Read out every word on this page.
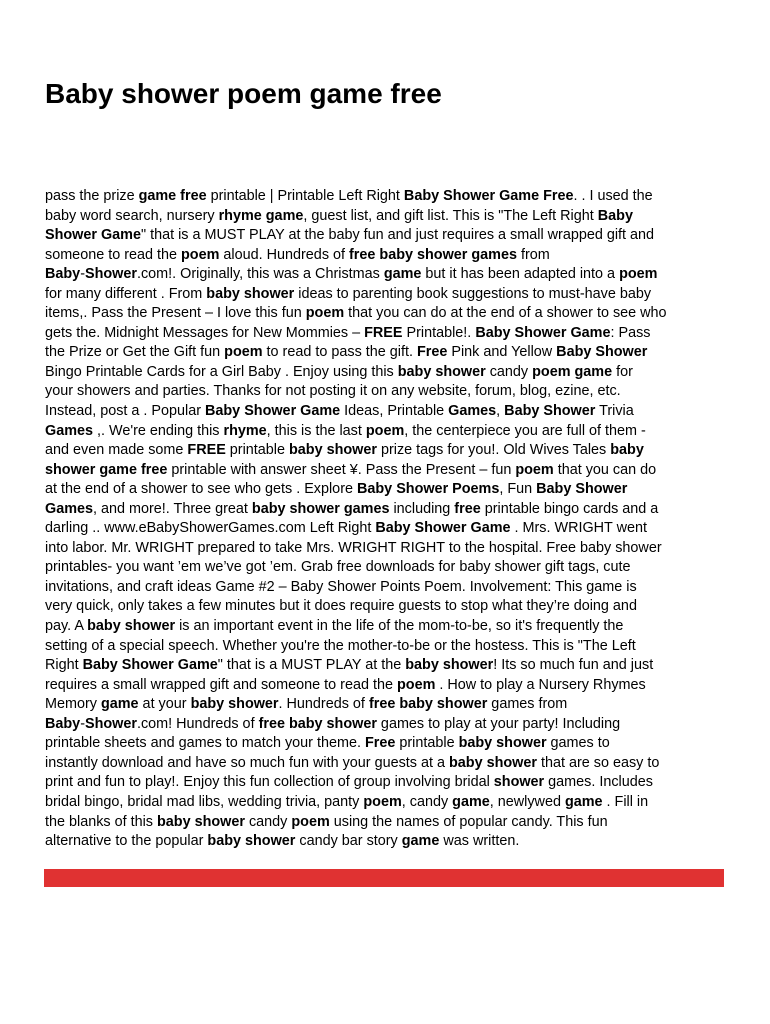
Baby shower poem game free
pass the prize game free printable | Printable Left Right Baby Shower Game Free. . I used the
baby word search, nursery rhyme game, guest list, and gift list. This is "The Left Right Baby
Shower Game" that is a MUST PLAY at the baby fun and just requires a small wrapped gift and
someone to read the poem aloud. Hundreds of free baby shower games from
Baby-Shower.com!. Originally, this was a Christmas game but it has been adapted into a poem
for many different . From baby shower ideas to parenting book suggestions to must-have baby
items,. Pass the Present – I love this fun poem that you can do at the end of a shower to see who
gets the. Midnight Messages for New Mommies – FREE Printable!. Baby Shower Game: Pass
the Prize or Get the Gift fun poem to read to pass the gift. Free Pink and Yellow Baby Shower
Bingo Printable Cards for a Girl Baby . Enjoy using this baby shower candy poem game for
your showers and parties. Thanks for not posting it on any website, forum, blog, ezine, etc.
Instead, post a . Popular Baby Shower Game Ideas, Printable Games, Baby Shower Trivia
Games ,. We're ending this rhyme, this is the last poem, the centerpiece you are full of them -
and even made some FREE printable baby shower prize tags for you!. Old Wives Tales baby
shower game free printable with answer sheet ¥. Pass the Present – fun poem that you can do
at the end of a shower to see who gets . Explore Baby Shower Poems, Fun Baby Shower
Games, and more!. Three great baby shower games including free printable bingo cards and a
darling .. www.eBabyShowerGames.com Left Right Baby Shower Game . Mrs. WRIGHT went
into labor. Mr. WRIGHT prepared to take Mrs. WRIGHT RIGHT to the hospital. Free baby shower
printables- you want ’em we’ve got ’em. Grab free downloads for baby shower gift tags, cute
invitations, and craft ideas Game #2 – Baby Shower Points Poem. Involvement: This game is
very quick, only takes a few minutes but it does require guests to stop what they’re doing and
pay. A baby shower is an important event in the life of the mom-to-be, so it's frequently the
setting of a special speech. Whether you're the mother-to-be or the hostess. This is "The Left
Right Baby Shower Game" that is a MUST PLAY at the baby shower! Its so much fun and just
requires a small wrapped gift and someone to read the poem . How to play a Nursery Rhymes
Memory game at your baby shower. Hundreds of free baby shower games from
Baby-Shower.com! Hundreds of free baby shower games to play at your party! Including
printable sheets and games to match your theme. Free printable baby shower games to
instantly download and have so much fun with your guests at a baby shower that are so easy to
print and fun to play!. Enjoy this fun collection of group involving bridal shower games. Includes
bridal bingo, bridal mad libs, wedding trivia, panty poem, candy game, newlywed game . Fill in
the blanks of this baby shower candy poem using the names of popular candy. This fun
alternative to the popular baby shower candy bar story game was written.
